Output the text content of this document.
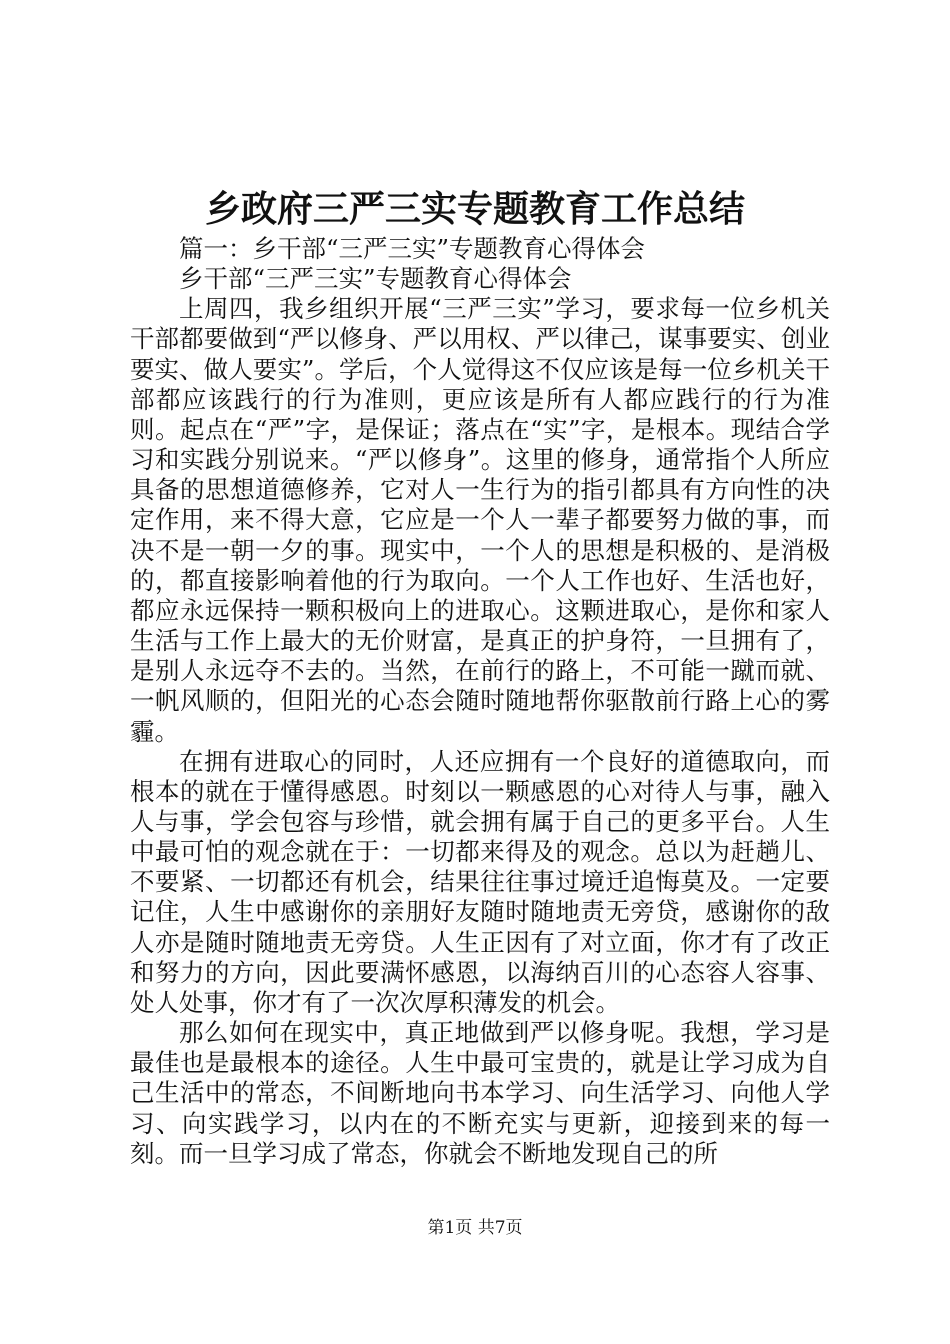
乡政府三严三实专题教育工作总结

篇一：乡干部“三严三实”专题教育心得体会

乡干部“三严三实”专题教育心得体会

上周四，我乡组织开展“三严三实”学习，要求每一位乡机关干部都要做到“严以修身、严以用权、严以律己，谋事要实、创业要实、做人要实”。学后，个人觉得这不仅应该是每一位乡机关干部都应该践行的行为准则，更应该是所有人都应践行的行为准则。起点在“严”字，是保证；落点在“实”字，是根本。现结合学习和实践分别说来。“严以修身”。这里的修身，通常指个人所应具备的思想道德修养，它对人一生行为的指引都具有方向性的决定作用，来不得大意，它应是一个人一辈子都要努力做的事，而决不是一朝一夕的事。现实中，一个人的思想是积极的、是消极的，都直接影响着他的行为取向。一个人工作也好、生活也好，都应永远保持一颗积极向上的进取心。这颗进取心，是你和家人生活与工作上最大的无价财富，是真正的护身符，一旦拥有了，是别人永远夺不去的。当然，在前行的路上，不可能一蹴而就、一帆风顺的，但阳光的心态会随时随地帮你驱散前行路上心的雾霾。

在拥有进取心的同时，人还应拥有一个良好的道德取向，而根本的就在于懂得感恩。时刻以一颗感恩的心对待人与事，融入人与事，学会包容与珍惜，就会拥有属于自己的更多平台。人生中最可怕的观念就在于：一切都来得及的观念。总以为赶趟儿、不要紧、一切都还有机会，结果往往事过境迁追悔莫及。一定要记住，人生中感谢你的亲朋好友随时随地责无旁贷，感谢你的敌人亦是随时随地责无旁贷。人生正因有了对立面，你才有了改正和努力的方向，因此要满怀感恩，以海纳百川的心态容人容事、处人处事，你才有了一次次厚积薄发的机会。

那么如何在现实中，真正地做到严以修身呢。我想，学习是最佳也是最根本的途径。人生中最可宝贵的，就是让学习成为自己生活中的常态，不间断地向书本学习、向生活学习、向他人学习、向实践学习，以内在的不断充实与更新，迎接到来的每一刻。而一旦学习成了常态，你就会不断地发现自己的所

第1页 共7页
